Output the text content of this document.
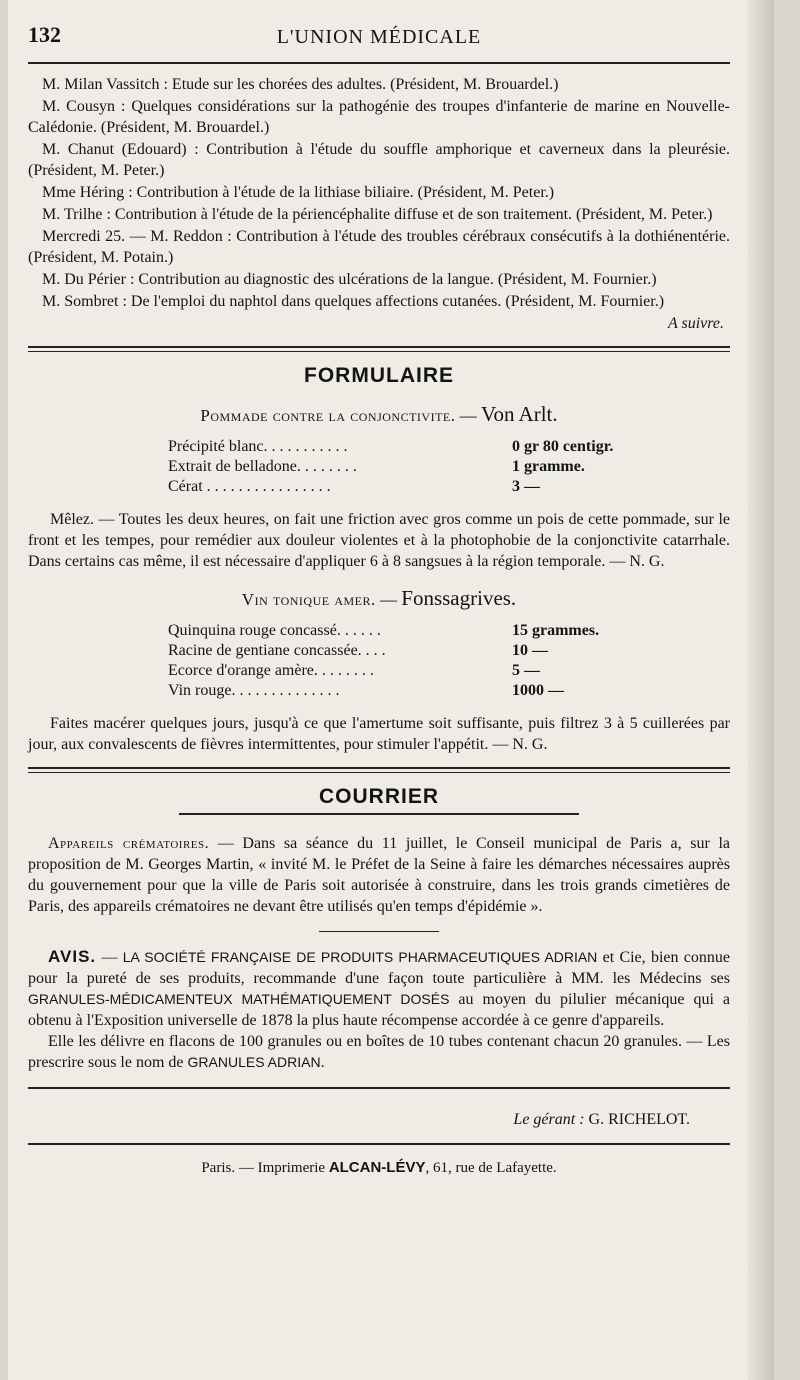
132	L'UNION MÉDICALE

M. Milan Vassitch : Etude sur les chorées des adultes. (Président, M. Brouardel.)

M. Cousyn : Quelques considérations sur la pathogénie des troupes d'infanterie de marine en Nouvelle-Calédonie. (Président, M. Brouardel.)

M. Chanut (Edouard) : Contribution à l'étude du souffle amphorique et caverneux dans la pleurésie. (Président, M. Peter.)

Mme Héring : Contribution à l'étude de la lithiase biliaire. (Président, M. Peter.)

M. Trilhe : Contribution à l'étude de la périencéphalite diffuse et de son traitement. (Président, M. Peter.)

Mercredi 25. — M. Reddon : Contribution à l'étude des troubles cérébraux consécutifs à la dothiénentérie. (Président, M. Potain.)

M. Du Périer : Contribution au diagnostic des ulcérations de la langue. (Président, M. Fournier.)

M. Sombret : De l'emploi du naphtol dans quelques affections cutanées. (Président, M. Fournier.)

A suivre.

FORMULAIRE
Pommade contre la conjonctivite. — Von Arlt.
Précipité blanc. . . . . . . . . . .	0 gr 80 centigr.
Extrait de belladone. . . . . . . .	1 gramme.
Cérat . . . . . . . . . . . . . . . .	3 —

Mêlez. — Toutes les deux heures, on fait une friction avec gros comme un pois de cette pommade, sur le front et les tempes, pour remédier aux douleur violentes et à la photophobie de la conjonctivite catarrhale. Dans certains cas même, il est nécessaire d'appliquer 6 à 8 sangsues à la région temporale. — N. G.

Vin tonique amer. — Fonssagrives.
Quinquina rouge concassé. . . . . .	15 grammes.
Racine de gentiane concassée. . . .	10 —
Ecorce d'orange amère. . . . . . . .	5 —
Vin rouge. . . . . . . . . . . . . .	1000 —

Faites macérer quelques jours, jusqu'à ce que l'amertume soit suffisante, puis filtrez 3 à 5 cuillerées par jour, aux convalescents de fièvres intermittentes, pour stimuler l'appétit. — N. G.

COURRIER

Appareils crématoires. — Dans sa séance du 11 juillet, le Conseil municipal de Paris a, sur la proposition de M. Georges Martin, « invité M. le Préfet de la Seine à faire les démarches nécessaires auprès du gouvernement pour que la ville de Paris soit autorisée à construire, dans les trois grands cimetières de Paris, des appareils crématoires ne devant être utilisés qu'en temps d'épidémie ».

AVIS. — LA SOCIÉTÉ FRANÇAISE DE PRODUITS PHARMACEUTIQUES ADRIAN et Cie, bien connue pour la pureté de ses produits, recommande d'une façon toute particulière à MM. les Médecins ses GRANULES-MÉDICAMENTEUX MATHÉMATIQUEMENT DOSÉS au moyen du pilulier mécanique qui a obtenu à l'Exposition universelle de 1878 la plus haute récompense accordée à ce genre d'appareils.

Elle les délivre en flacons de 100 granules ou en boîtes de 10 tubes contenant chacun 20 granules. — Les prescrire sous le nom de GRANULES ADRIAN.

Le gérant : G. RICHELOT.
Paris. — Imprimerie ALCAN-LÉVY, 61, rue de Lafayette.
